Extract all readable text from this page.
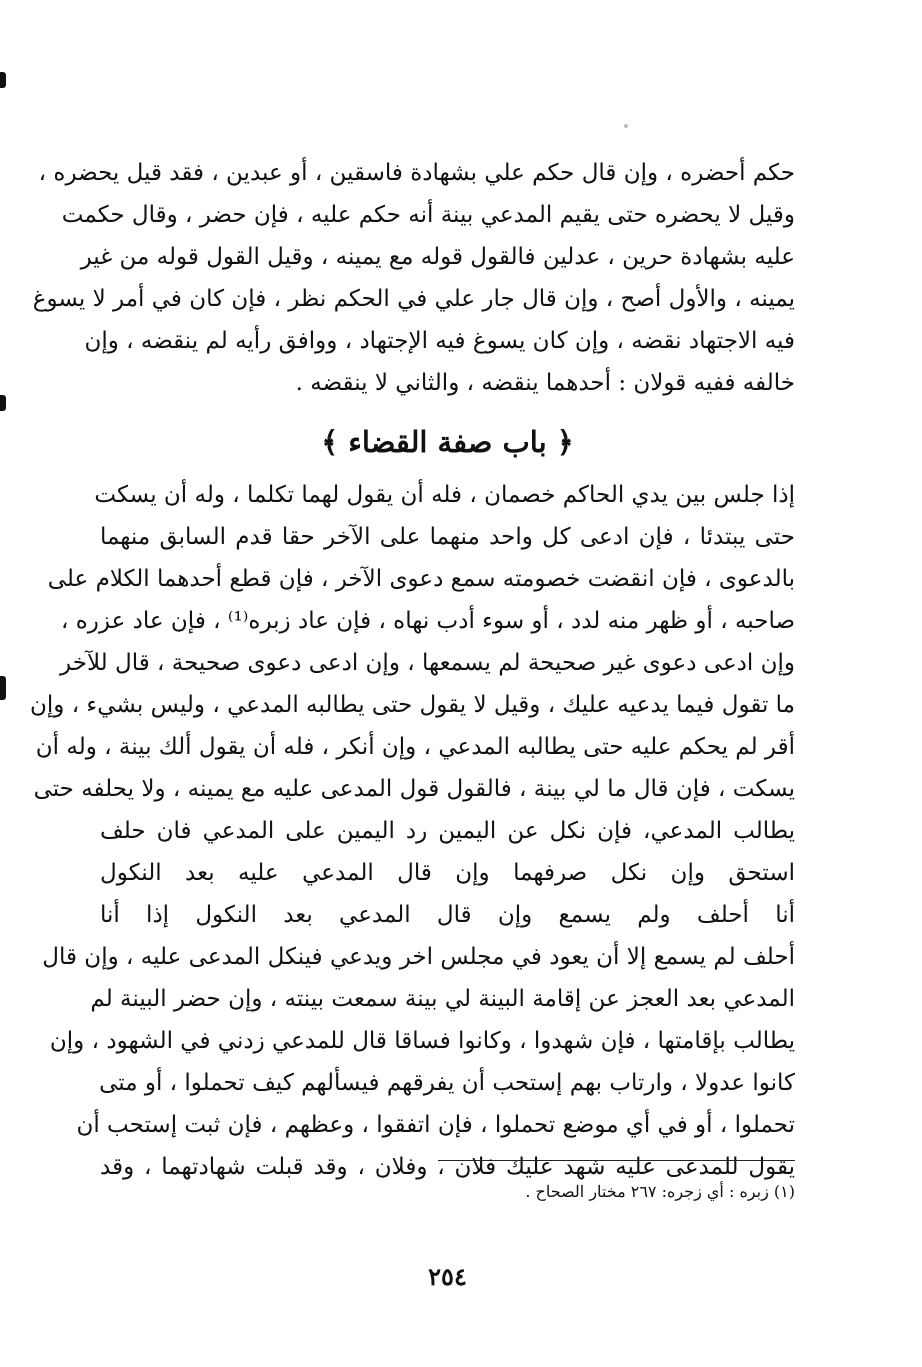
حكم أحضره ، وإن قال حكم علي بشهادة فاسقين ، أو عبدين ، فقد قيل يحضره ،
وقيل لا يحضره حتى يقيم المدعي بينة أنه حكم عليه ، فإن حضر ، وقال حكمت
عليه بشهادة حرين ، عدلين فالقول قوله مع يمينه ، وقيل القول قوله من غير
يمينه ، والأول أصح ، وإن قال جار علي في الحكم نظر ، فإن كان في أمر لا يسوغ
فيه الاجتهاد نقضه ، وإن كان يسوغ فيه الإجتهاد ، ووافق رأيه لم ينقضه ، وإن
خالفه ففيه قولان : أحدهما ينقضه ، والثاني لا ينقضه .
﴿ باب صفة القضاء ﴾
إذا جلس بين يدي الحاكم خصمان ، فله أن يقول لهما تكلما ، وله أن يسكت
حتى يبتدئا ، فإن ادعى كل واحد منهما على الآخر حقا قدم السابق منهما
بالدعوى ، فإن انقضت خصومته سمع دعوى الآخر ، فإن قطع أحدهما الكلام على
صاحبه ، أو ظهر منه لدد ، أو سوء أدب نهاه ، فإن عاد زبره⁽¹⁾ ، فإن عاد عزره ،
وإن ادعى دعوى غير صحيحة لم يسمعها ، وإن ادعى دعوى صحيحة ، قال للآخر
ما تقول فيما يدعيه عليك ، وقيل لا يقول حتى يطالبه المدعي ، وليس بشيء ، وإن
أقر لم يحكم عليه حتى يطالبه المدعي ، وإن أنكر ، فله أن يقول ألك بينة ، وله أن
يسكت ، فإن قال ما لي بينة ، فالقول قول المدعى عليه مع يمينه ، ولا يحلفه حتى
يطالب المدعي، فإن نكل عن اليمين رد اليمين على المدعي فان حلف
استحق وإن نكل صرفهما وإن قال المدعي عليه بعد النكول
أنا أحلف ولم يسمع وإن قال المدعي بعد النكول إذا أنا
أحلف لم يسمع إلا أن يعود في مجلس اخر ويدعي فينكل المدعى عليه ، وإن قال
المدعي بعد العجز عن إقامة البينة لي بينة سمعت بينته ، وإن حضر البينة لم
يطالب بإقامتها ، فإن شهدوا ، وكانوا فساقا قال للمدعي زدني في الشهود ، وإن
كانوا عدولا ، وارتاب بهم إستحب أن يفرقهم فيسألهم كيف تحملوا ، أو متى
تحملوا ، أو في أي موضع تحملوا ، فإن اتفقوا ، وعظهم ، فإن ثبت إستحب أن
يقول للمدعى عليه شهد عليك فلان ، وفلان ، وقد قبلت شهادتهما ، وقد
(١) زبره : أي زجره: ٢٦٧ مختار الصحاح .
٢٥٤
